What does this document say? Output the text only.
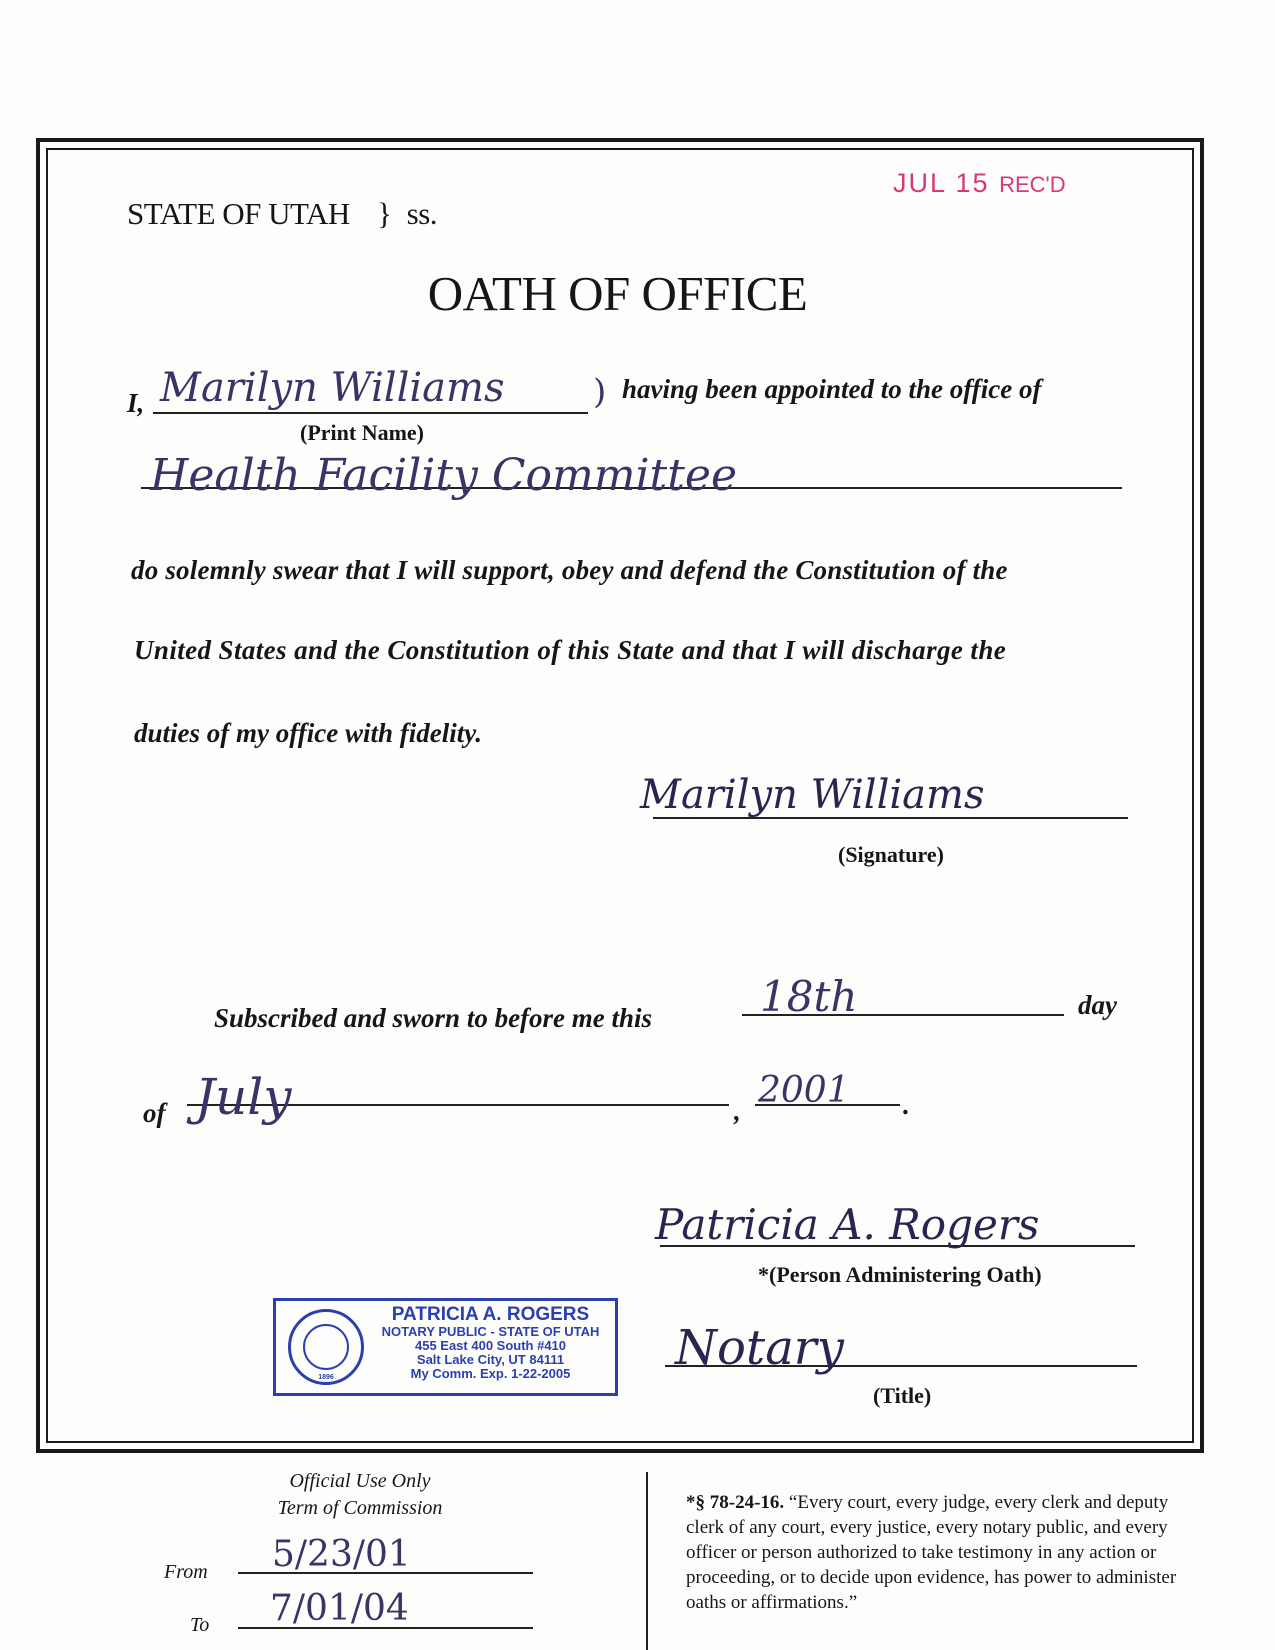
JUL 15 REC'D
STATE OF UTAH } ss.
OATH OF OFFICE
I, Marilyn Williams	) having been appointed to the office of
(Print Name)
Health Facility Committee
do solemnly swear that I will support, obey and defend the Constitution of the
United States and the Constitution of this State and that I will discharge the
duties of my office with fidelity.
Marilyn Williams
(Signature)
Subscribed and sworn to before me this	18th	day
of July	, 2001 .
Patricia A. Rogers
*(Person Administering Oath)
Notary
(Title)
1896
PATRICIA A. ROGERS
NOTARY PUBLIC - STATE OF UTAH
455 East 400 South #410
Salt Lake City, UT 84111
My Comm. Exp. 1-22-2005
Official Use Only
Term of Commission
From 5/23/01
To 7/01/04
*§ 78-24-16. “Every court, every judge, every clerk and deputy clerk of any court, every justice, every notary public, and every officer or person authorized to take testimony in any action or proceeding, or to decide upon evidence, has power to administer oaths or affirmations.”
